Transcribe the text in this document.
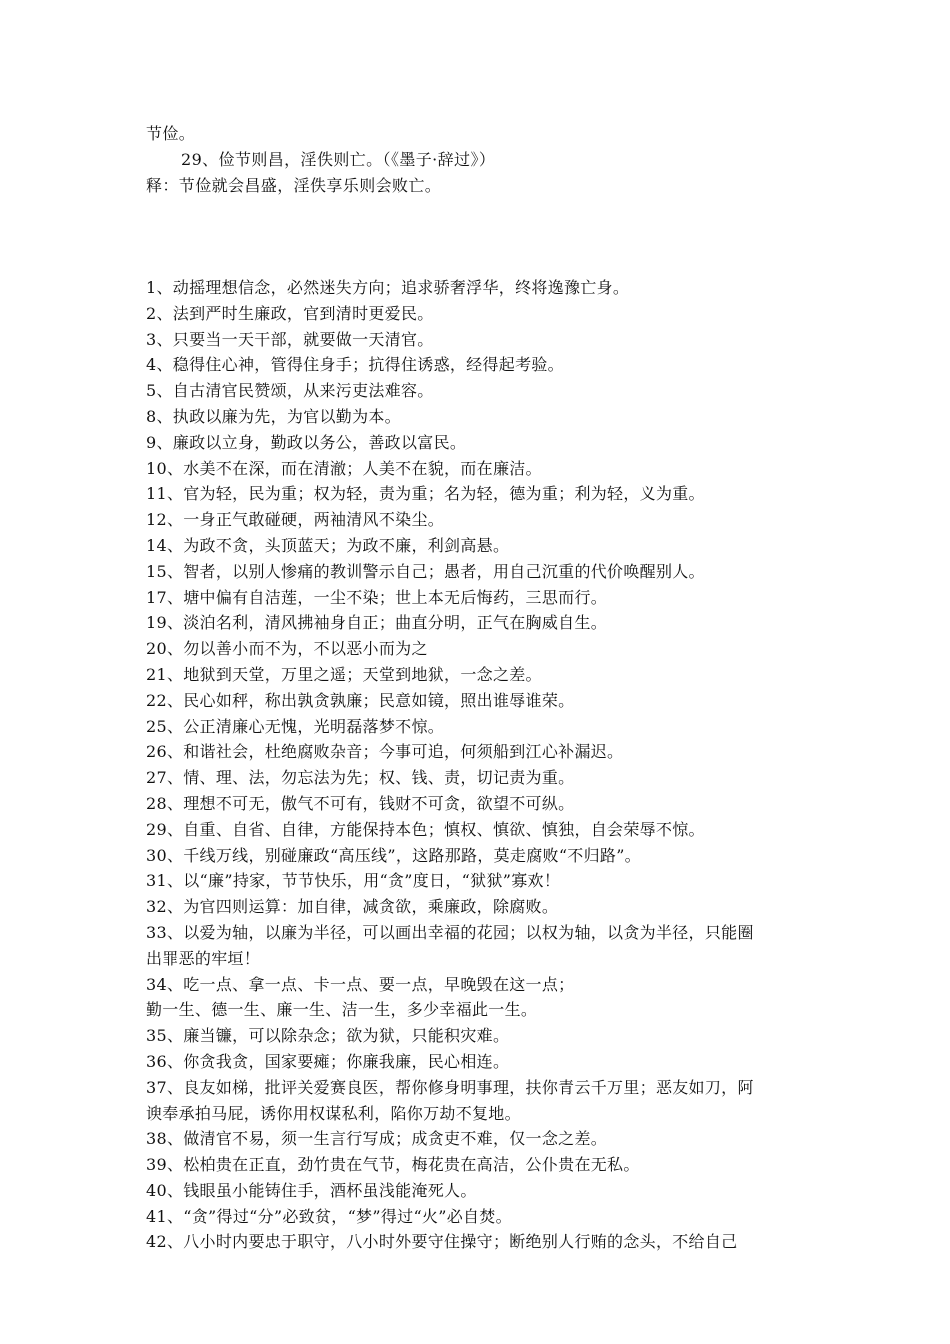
节俭。
29、俭节则昌，淫佚则亡。（《墨子·辞过》）
释：节俭就会昌盛，淫佚享乐则会败亡。
1、动摇理想信念，必然迷失方向；追求骄奢浮华，终将逸豫亡身。
2、法到严时生廉政，官到清时更爱民。
3、只要当一天干部，就要做一天清官。
4、稳得住心神，管得住身手；抗得住诱惑，经得起考验。
5、自古清官民赞颂，从来污吏法难容。
8、执政以廉为先，为官以勤为本。
9、廉政以立身，勤政以务公，善政以富民。
10、水美不在深，而在清澈；人美不在貌，而在廉洁。
11、官为轻，民为重；权为轻，责为重；名为轻，德为重；利为轻，义为重。
12、一身正气敢碰硬，两袖清风不染尘。
14、为政不贪，头顶蓝天；为政不廉，利剑高悬。
15、智者，以别人惨痛的教训警示自己；愚者，用自己沉重的代价唤醒别人。
17、塘中偏有自洁莲，一尘不染；世上本无后悔药，三思而行。
19、淡泊名利，清风拂袖身自正；曲直分明，正气在胸威自生。
20、勿以善小而不为，不以恶小而为之
21、地狱到天堂，万里之遥；天堂到地狱，一念之差。
22、民心如秤，称出孰贪孰廉；民意如镜，照出谁辱谁荣。
25、公正清廉心无愧，光明磊落梦不惊。
26、和谐社会，杜绝腐败杂音；今事可追，何须船到江心补漏迟。
27、情、理、法，勿忘法为先；权、钱、责，切记责为重。
28、理想不可无，傲气不可有，钱财不可贪，欲望不可纵。
29、自重、自省、自律，方能保持本色；慎权、慎欲、慎独，自会荣辱不惊。
30、千线万线，别碰廉政“高压线”，这路那路，莫走腐败“不归路”。
31、以“廉”持家，节节快乐，用“贪”度日，“狱狱”寡欢！
32、为官四则运算：加自律，减贪欲，乘廉政，除腐败。
33、以爱为轴，以廉为半径，可以画出幸福的花园；以权为轴，以贪为半径，只能圈
出罪恶的牢垣！
34、吃一点、拿一点、卡一点、要一点，早晚毁在这一点；
勤一生、德一生、廉一生、洁一生，多少幸福此一生。
35、廉当镰，可以除杂念；欲为狱，只能积灾难。
36、你贪我贪，国家要瘫；你廉我廉，民心相连。
37、良友如梯，批评关爱赛良医，帮你修身明事理，扶你青云千万里；恶友如刀，阿
谀奉承拍马屁，诱你用权谋私利，陷你万劫不复地。
38、做清官不易，须一生言行写成；成贪吏不难，仅一念之差。
39、松柏贵在正直，劲竹贵在气节，梅花贵在高洁，公仆贵在无私。
40、钱眼虽小能铸住手，酒杯虽浅能淹死人。
41、“贪”得过“分”必致贫，“梦”得过“火”必自焚。
42、八小时内要忠于职守，八小时外要守住操守；断绝别人行贿的念头，不给自己
